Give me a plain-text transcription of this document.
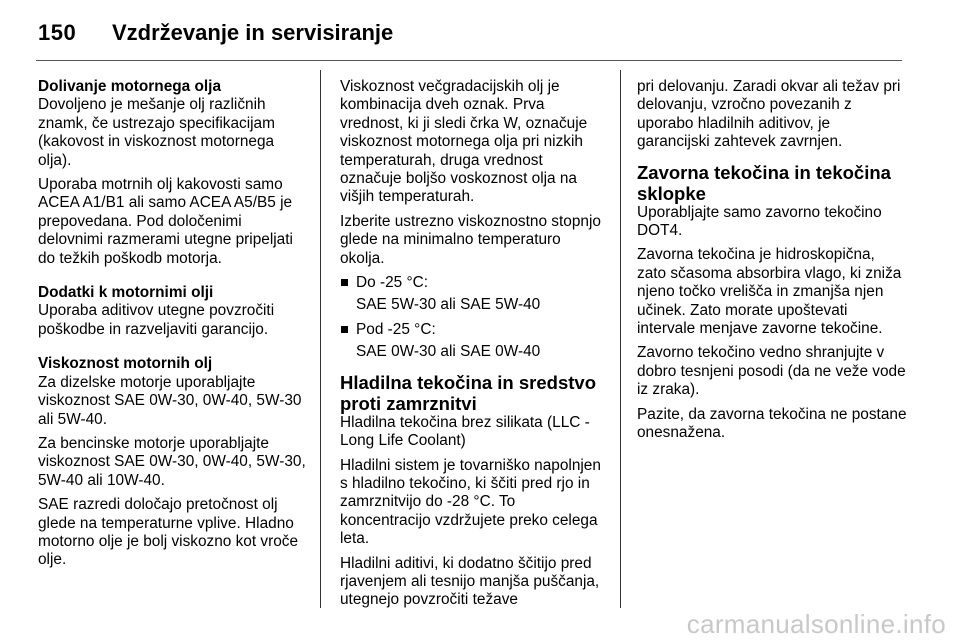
150 Vzdrževanje in servisiranje
Dolivanje motornega olja

Dovoljeno je mešanje olj različnih znamk, če ustrezajo specifikacijam (kakovost in viskoznost motornega olja).

Uporaba motrnih olj kakovosti samo ACEA A1/B1 ali samo ACEA A5/B5 je prepovedana. Pod določenimi delovnimi razmerami utegne pripeljati do težkih poškodb motorja.

Dodatki k motornimi olji

Uporaba aditivov utegne povzročiti poškodbe in razveljaviti garancijo.

Viskoznost motornih olj

Za dizelske motorje uporabljajte viskoznost SAE 0W-30, 0W-40, 5W-30 ali 5W-40.

Za bencinske motorje uporabljajte viskoznost SAE 0W-30, 0W-40, 5W-30, 5W-40 ali 10W-40.

SAE razredi določajo pretočnost olj glede na temperaturne vplive. Hladno motorno olje je bolj viskozno kot vroče olje.

Viskoznost večgradacijskih olj je kombinacija dveh oznak. Prva vrednost, ki ji sledi črka W, označuje viskoznost motornega olja pri nizkih temperaturah, druga vrednost označuje boljšo voskoznost olja na višjih temperaturah.

Izberite ustrezno viskoznostno stopnjo glede na minimalno temperaturo okolja.

Do -25 °C:
SAE 5W-30 ali SAE 5W-40
Pod -25 °C:
SAE 0W-30 ali SAE 0W-40
Hladilna tekočina in sredstvo proti zamrznitvi

Hladilna tekočina brez silikata (LLC - Long Life Coolant)

Hladilni sistem je tovarniško napolnjen s hladilno tekočino, ki ščiti pred rjo in zamrznitvijo do -28 °C. To koncentracijo vzdržujete preko celega leta.

Hladilni aditivi, ki dodatno ščitijo pred rjavenjem ali tesnijo manjša puščanja, utegnejo povzročiti težave

pri delovanju. Zaradi okvar ali težav pri delovanju, vzročno povezanih z uporabo hladilnih aditivov, je garancijski zahtevek zavrnjen.

Zavorna tekočina in tekočina sklopke

Uporabljajte samo zavorno tekočino DOT4.

Zavorna tekočina je hidroskopična, zato sčasoma absorbira vlago, ki zniža njeno točko vrelišča in zmanjša njen učinek. Zato morate upoštevati intervale menjave zavorne tekočine.

Zavorno tekočino vedno shranjujte v dobro tesnjeni posodi (da ne veže vode iz zraka).

Pazite, da zavorna tekočina ne postane onesnažena.

carmanualsonline.info
